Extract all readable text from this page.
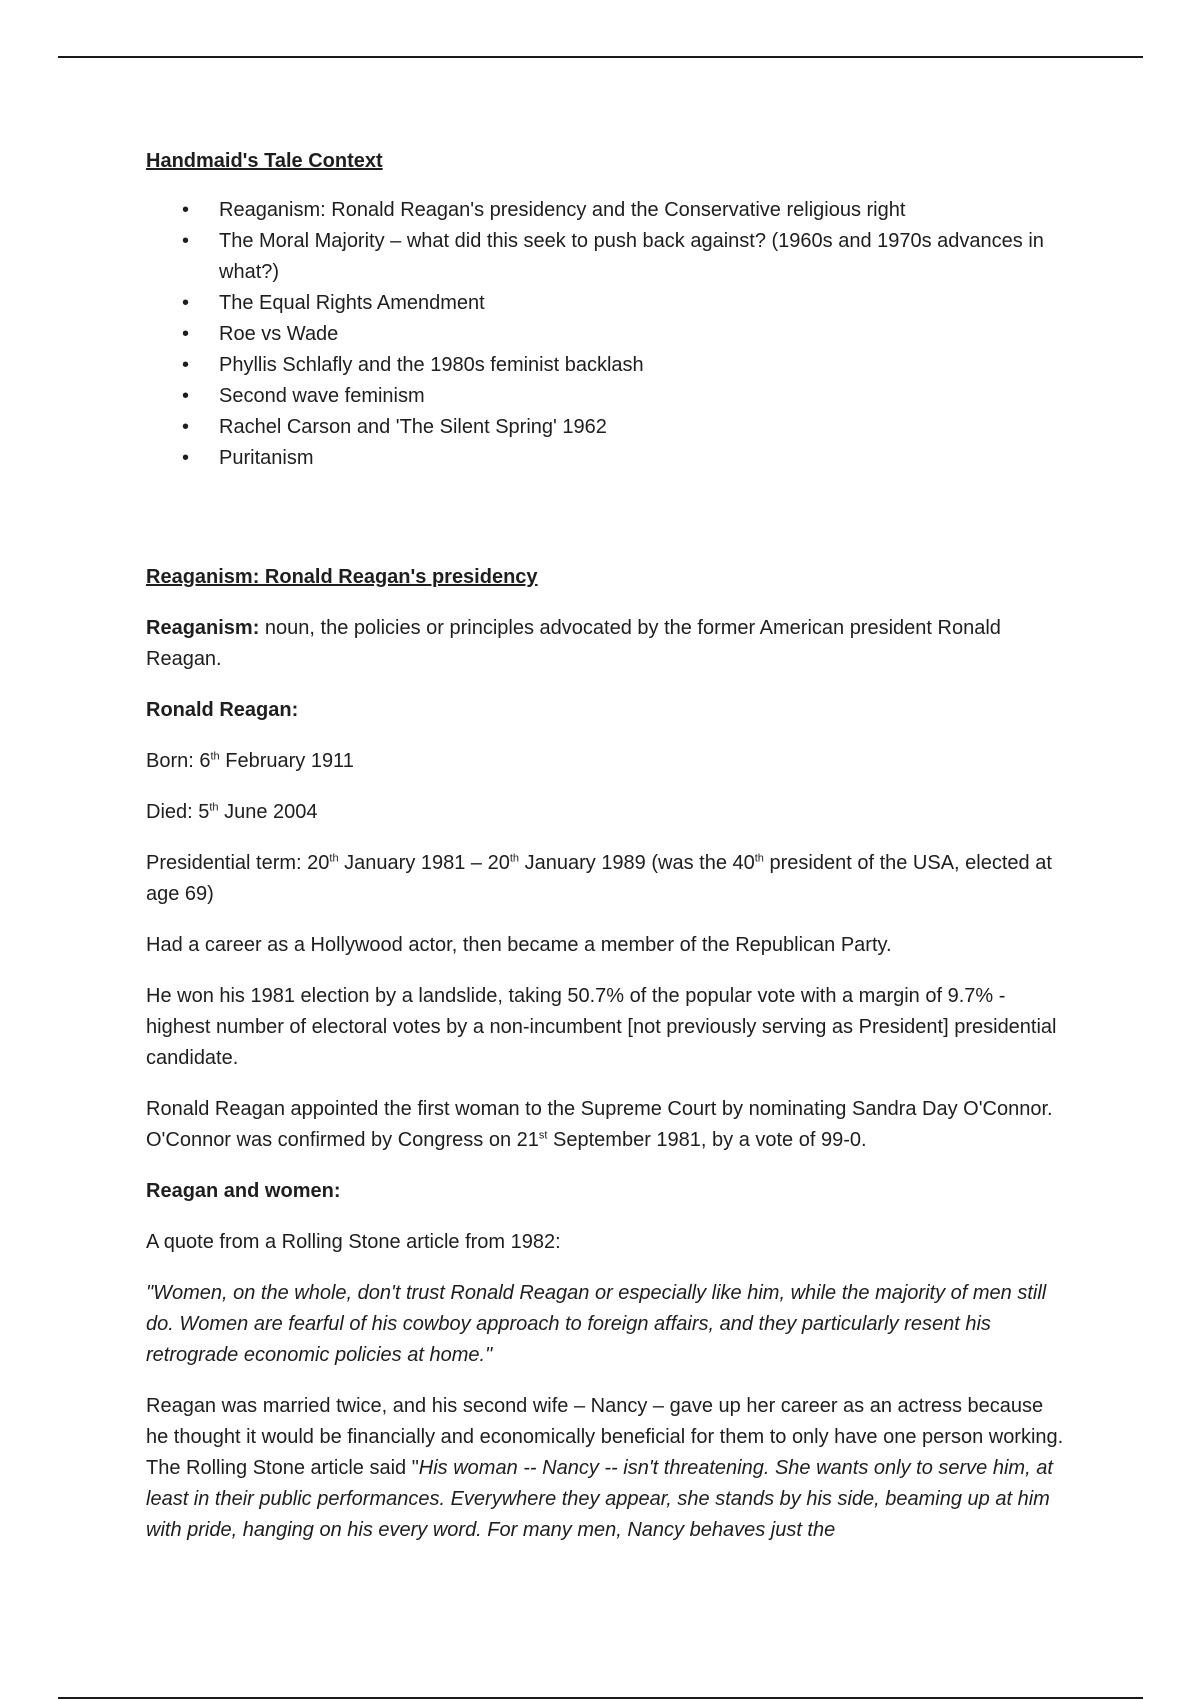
Handmaid's Tale Context

• Reaganism: Ronald Reagan's presidency and the Conservative religious right
• The Moral Majority – what did this seek to push back against? (1960s and 1970s advances in what?)
• The Equal Rights Amendment
• Roe vs Wade
• Phyllis Schlafly and the 1980s feminist backlash
• Second wave feminism
• Rachel Carson and 'The Silent Spring' 1962
• Puritanism

Reaganism: Ronald Reagan's presidency

Reaganism: noun, the policies or principles advocated by the former American president Ronald Reagan.

Ronald Reagan:

Born: 6th February 1911

Died: 5th June 2004

Presidential term: 20th January 1981 – 20th January 1989 (was the 40th president of the USA, elected at age 69)

Had a career as a Hollywood actor, then became a member of the Republican Party.

He won his 1981 election by a landslide, taking 50.7% of the popular vote with a margin of 9.7% - highest number of electoral votes by a non-incumbent [not previously serving as President] presidential candidate.

Ronald Reagan appointed the first woman to the Supreme Court by nominating Sandra Day O'Connor. O'Connor was confirmed by Congress on 21st September 1981, by a vote of 99-0.

Reagan and women:

A quote from a Rolling Stone article from 1982:

"Women, on the whole, don't trust Ronald Reagan or especially like him, while the majority of men still do. Women are fearful of his cowboy approach to foreign affairs, and they particularly resent his retrograde economic policies at home."

Reagan was married twice, and his second wife – Nancy – gave up her career as an actress because he thought it would be financially and economically beneficial for them to only have one person working. The Rolling Stone article said "His woman -- Nancy -- isn't threatening. She wants only to serve him, at least in their public performances. Everywhere they appear, she stands by his side, beaming up at him with pride, hanging on his every word. For many men, Nancy behaves just the
